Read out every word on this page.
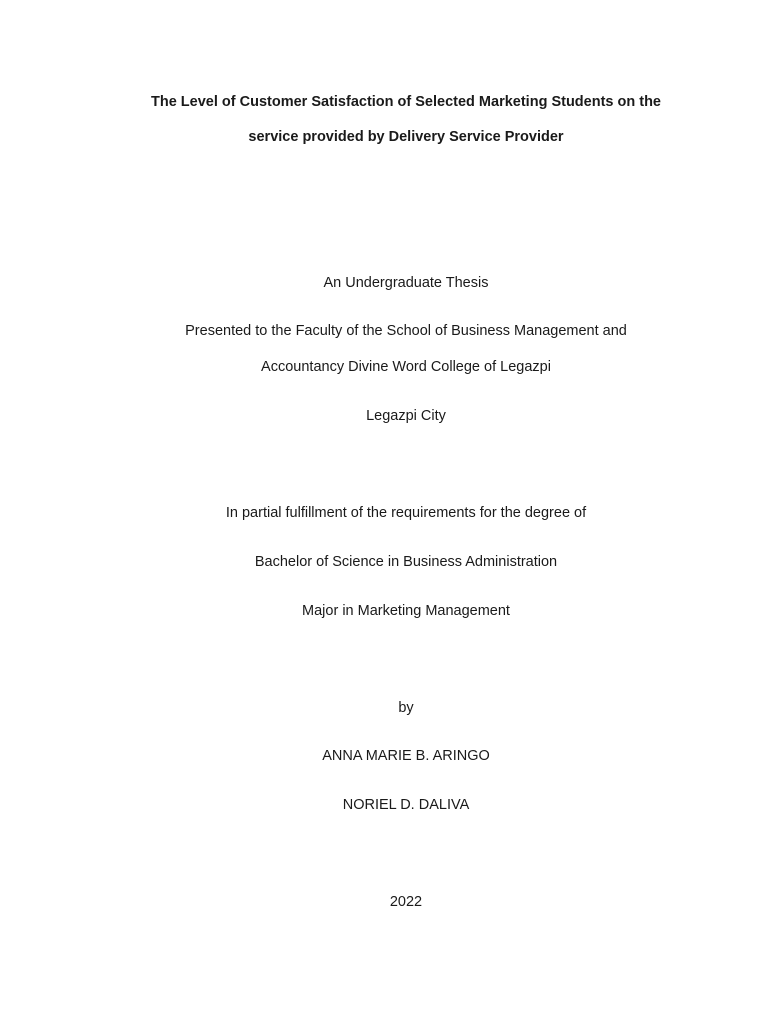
The Level of Customer Satisfaction of Selected Marketing Students on the
service provided by Delivery Service Provider
An Undergraduate Thesis
Presented to the Faculty of the School of Business Management and
Accountancy Divine Word College of Legazpi
Legazpi City
In partial fulfillment of the requirements for the degree of
Bachelor of Science in Business Administration
Major in Marketing Management
by
ANNA MARIE B. ARINGO
NORIEL D. DALIVA
2022
